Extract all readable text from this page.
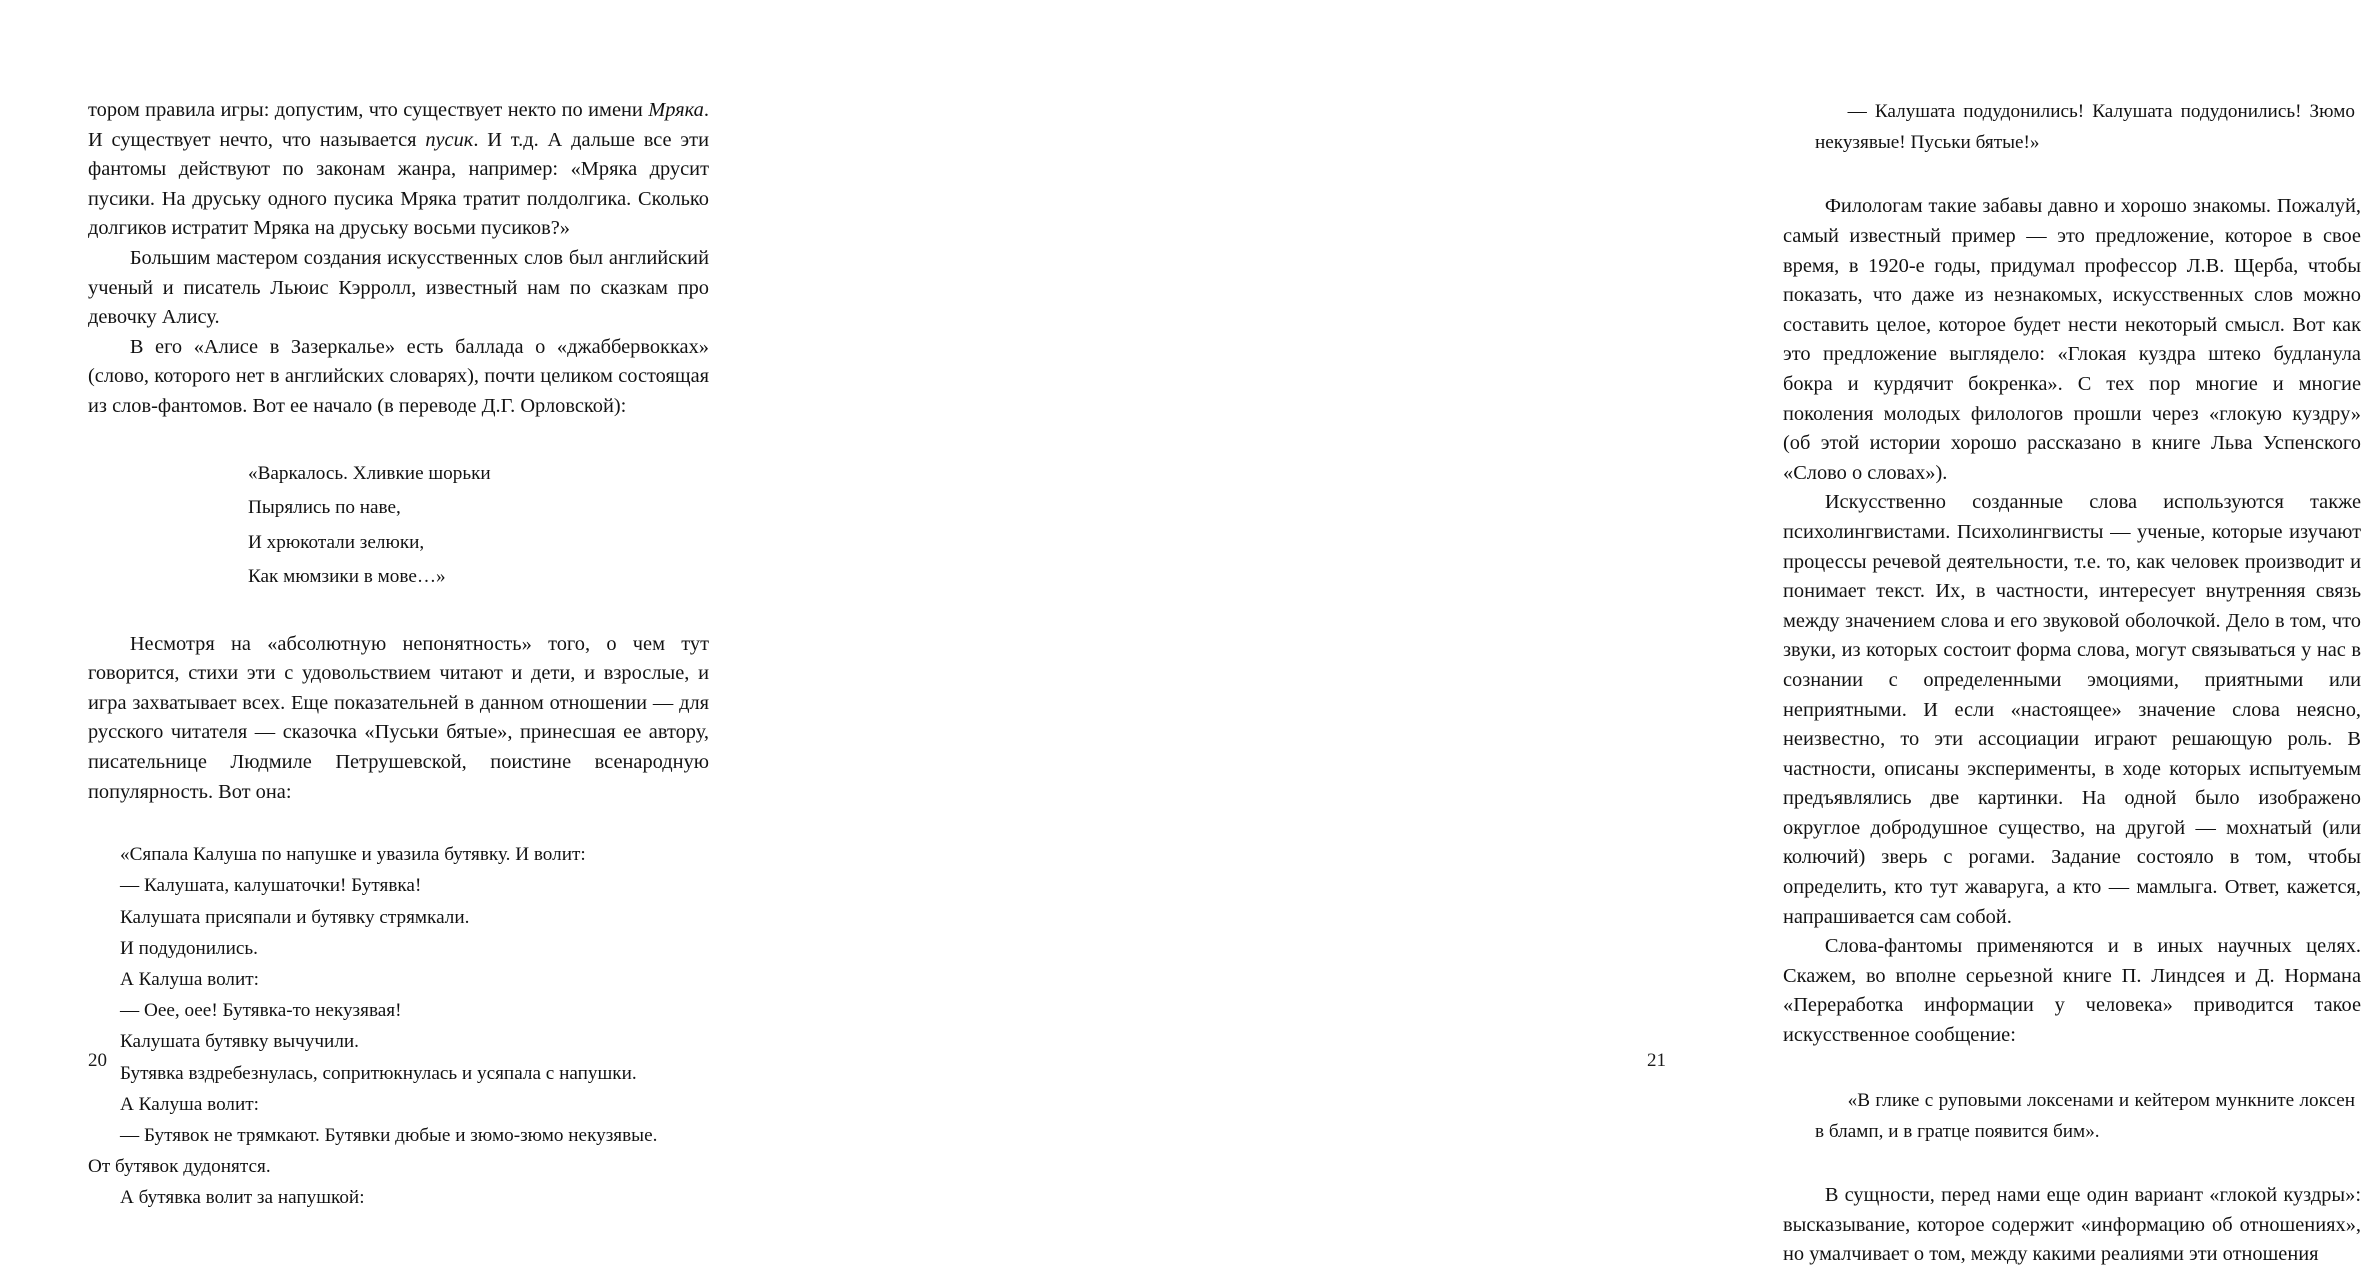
тором правила игры: допустим, что существует некто по имени Мряка. И существует нечто, что называется пусик. И т.д. А дальше все эти фантомы действуют по законам жанра, например: «Мряка друсит пусики. На друську одного пусика Мряка тратит полдолгика. Сколько долгиков истратит Мряка на друську восьми пусиков?»

Большим мастером создания искусственных слов был английский ученый и писатель Льюис Кэрролл, известный нам по сказкам про девочку Алису.

В его «Алисе в Зазеркалье» есть баллада о «джаббервокках» (слово, которого нет в английских словарях), почти целиком состоящая из слов-фантомов. Вот ее начало (в переводе Д.Г. Орловской):

«Варкалось. Хливкие шорьки
Пырялись по наве,
И хрюкотали зелюки,
Как мюмзики в мове…»

Несмотря на «абсолютную непонятность» того, о чем тут говорится, стихи эти с удовольствием читают и дети, и взрослые, и игра захватывает всех. Еще показательней в данном отношении — для русского читателя — сказочка «Пуськи бятые», принесшая ее автору, писательнице Людмиле Петрушевской, поистине всенародную популярность. Вот она:

«Сяпала Калуша по напушке и увазила бутявку. И волит:
— Калушата, калушаточки! Бутявка!
Калушата присяпали и бутявку стрямкали.
И подудонились.
А Калуша волит:
— Оее, оее! Бутявка-то некузявая!
Калушата бутявку вычучили.
Бутявка вздребезнулась, сопритюкнулась и усяпала с напушки.
А Калуша волит:
— Бутявок не трямкают. Бутявки дюбые и зюмо-зюмо некузявые.
От бутявок дудонятся.
А бутявка волит за напушкой:
20
— Калушата подудонились! Калушата подудонились! Зюмо некузявые! Пуськи бятые!»

Филологам такие забавы давно и хорошо знакомы. Пожалуй, самый известный пример — это предложение, которое в свое время, в 1920-е годы, придумал профессор Л.В. Щерба, чтобы показать, что даже из незнакомых, искусственных слов можно составить целое, которое будет нести некоторый смысл. Вот как это предложение выглядело: «Глокая куздра штеко будланула бокра и курдячит бокренка». С тех пор многие и многие поколения молодых филологов прошли через «глокую куздру» (об этой истории хорошо рассказано в книге Льва Успенского «Слово о словах»).

Искусственно созданные слова используются также психолингвистами. Психолингвисты — ученые, которые изучают процессы речевой деятельности, т.е. то, как человек производит и понимает текст. Их, в частности, интересует внутренняя связь между значением слова и его звуковой оболочкой. Дело в том, что звуки, из которых состоит форма слова, могут связываться у нас в сознании с определенными эмоциями, приятными или неприятными. И если «настоящее» значение слова неясно, неизвестно, то эти ассоциации играют решающую роль. В частности, описаны эксперименты, в ходе которых испытуемым предъявлялись две картинки. На одной было изображено округлое добродушное существо, на другой — мохнатый (или колючий) зверь с рогами. Задание состояло в том, чтобы определить, кто тут жаваруга, а кто — мамлыга. Ответ, кажется, напрашивается сам собой.

Слова-фантомы применяются и в иных научных целях. Скажем, во вполне серьезной книге П. Линдсея и Д. Нормана «Переработка информации у человека» приводится такое искусственное сообщение:

«В глике с руповыми локсенами и кейтером мункните локсен в бламп, и в гратце появится бим».

В сущности, перед нами еще один вариант «глокой куздры»: высказывание, которое содержит «информацию об отношениях», но умалчивает о том, между какими реалиями эти отношения

21
